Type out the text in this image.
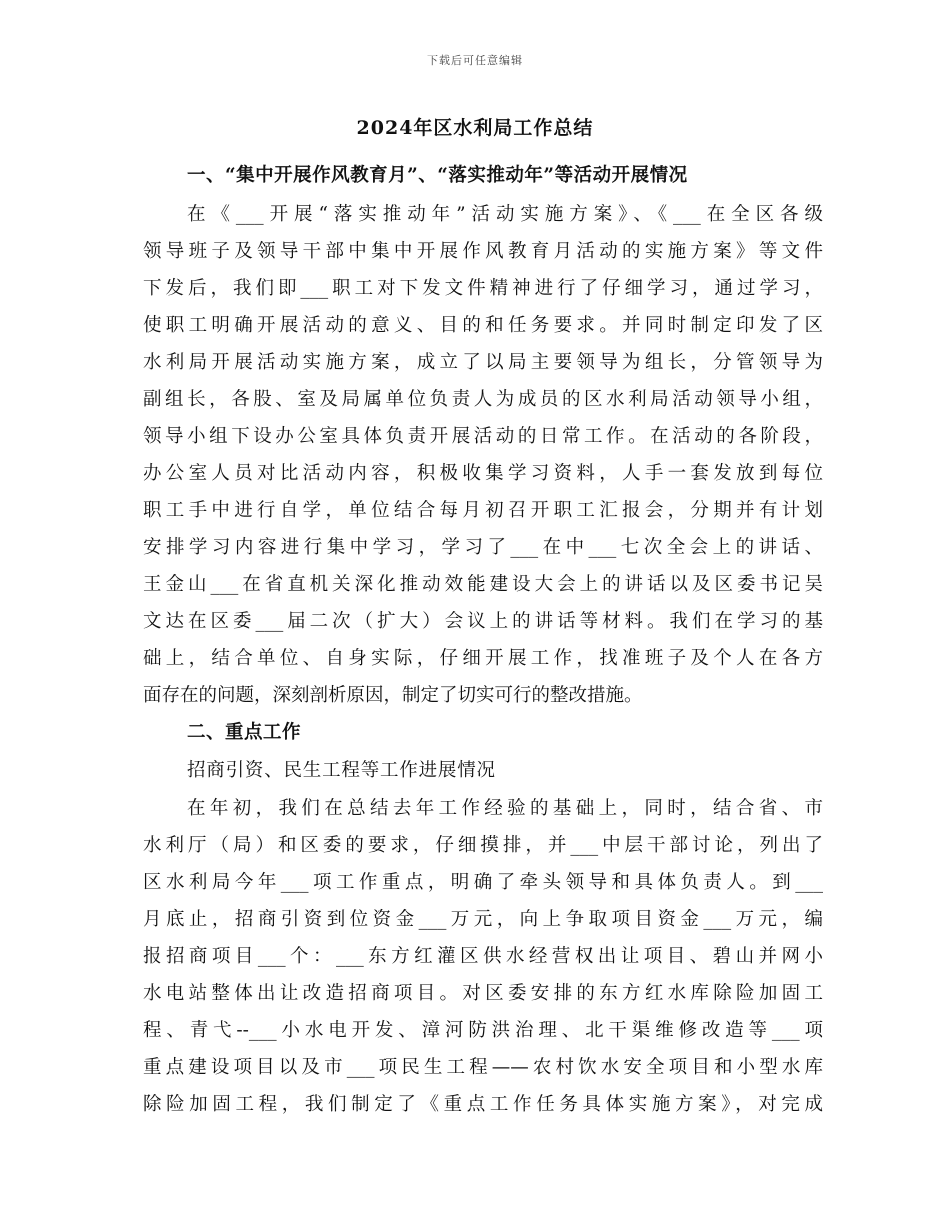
下载后可任意编辑
2024年区水利局工作总结
一、“集中开展作风教育月”、“落实推动年”等活动开展情况
在《___开展“落实推动年”活动实施方案》、《___在全区各级
领导班子及领导干部中集中开展作风教育月活动的实施方案》等文件
下发后，我们即___职工对下发文件精神进行了仔细学习，通过学习，
使职工明确开展活动的意义、目的和任务要求。并同时制定印发了区
水利局开展活动实施方案，成立了以局主要领导为组长，分管领导为
副组长，各股、室及局属单位负责人为成员的区水利局活动领导小组，
领导小组下设办公室具体负责开展活动的日常工作。在活动的各阶段，
办公室人员对比活动内容，积极收集学习资料，人手一套发放到每位
职工手中进行自学，单位结合每月初召开职工汇报会，分期并有计划
安排学习内容进行集中学习，学习了___在中___七次全会上的讲话、
王金山___在省直机关深化推动效能建设大会上的讲话以及区委书记吴
文达在区委___届二次（扩大）会议上的讲话等材料。我们在学习的基
础上，结合单位、自身实际，仔细开展工作，找准班子及个人在各方
面存在的问题，深刻剖析原因，制定了切实可行的整改措施。
二、重点工作
招商引资、民生工程等工作进展情况
在年初，我们在总结去年工作经验的基础上，同时，结合省、市
水利厅（局）和区委的要求，仔细摸排，并___中层干部讨论，列出了
区水利局今年___项工作重点，明确了牵头领导和具体负责人。到___
月底止，招商引资到位资金___万元，向上争取项目资金___万元，编
报招商项目___个：___东方红灌区供水经营权出让项目、碧山并网小
水电站整体出让改造招商项目。对区委安排的东方红水库除险加固工
程、青弋--___小水电开发、漳河防洪治理、北干渠维修改造等___项
重点建设项目以及市___项民生工程——农村饮水安全项目和小型水库
除险加固工程，我们制定了《重点工作任务具体实施方案》，对完成
